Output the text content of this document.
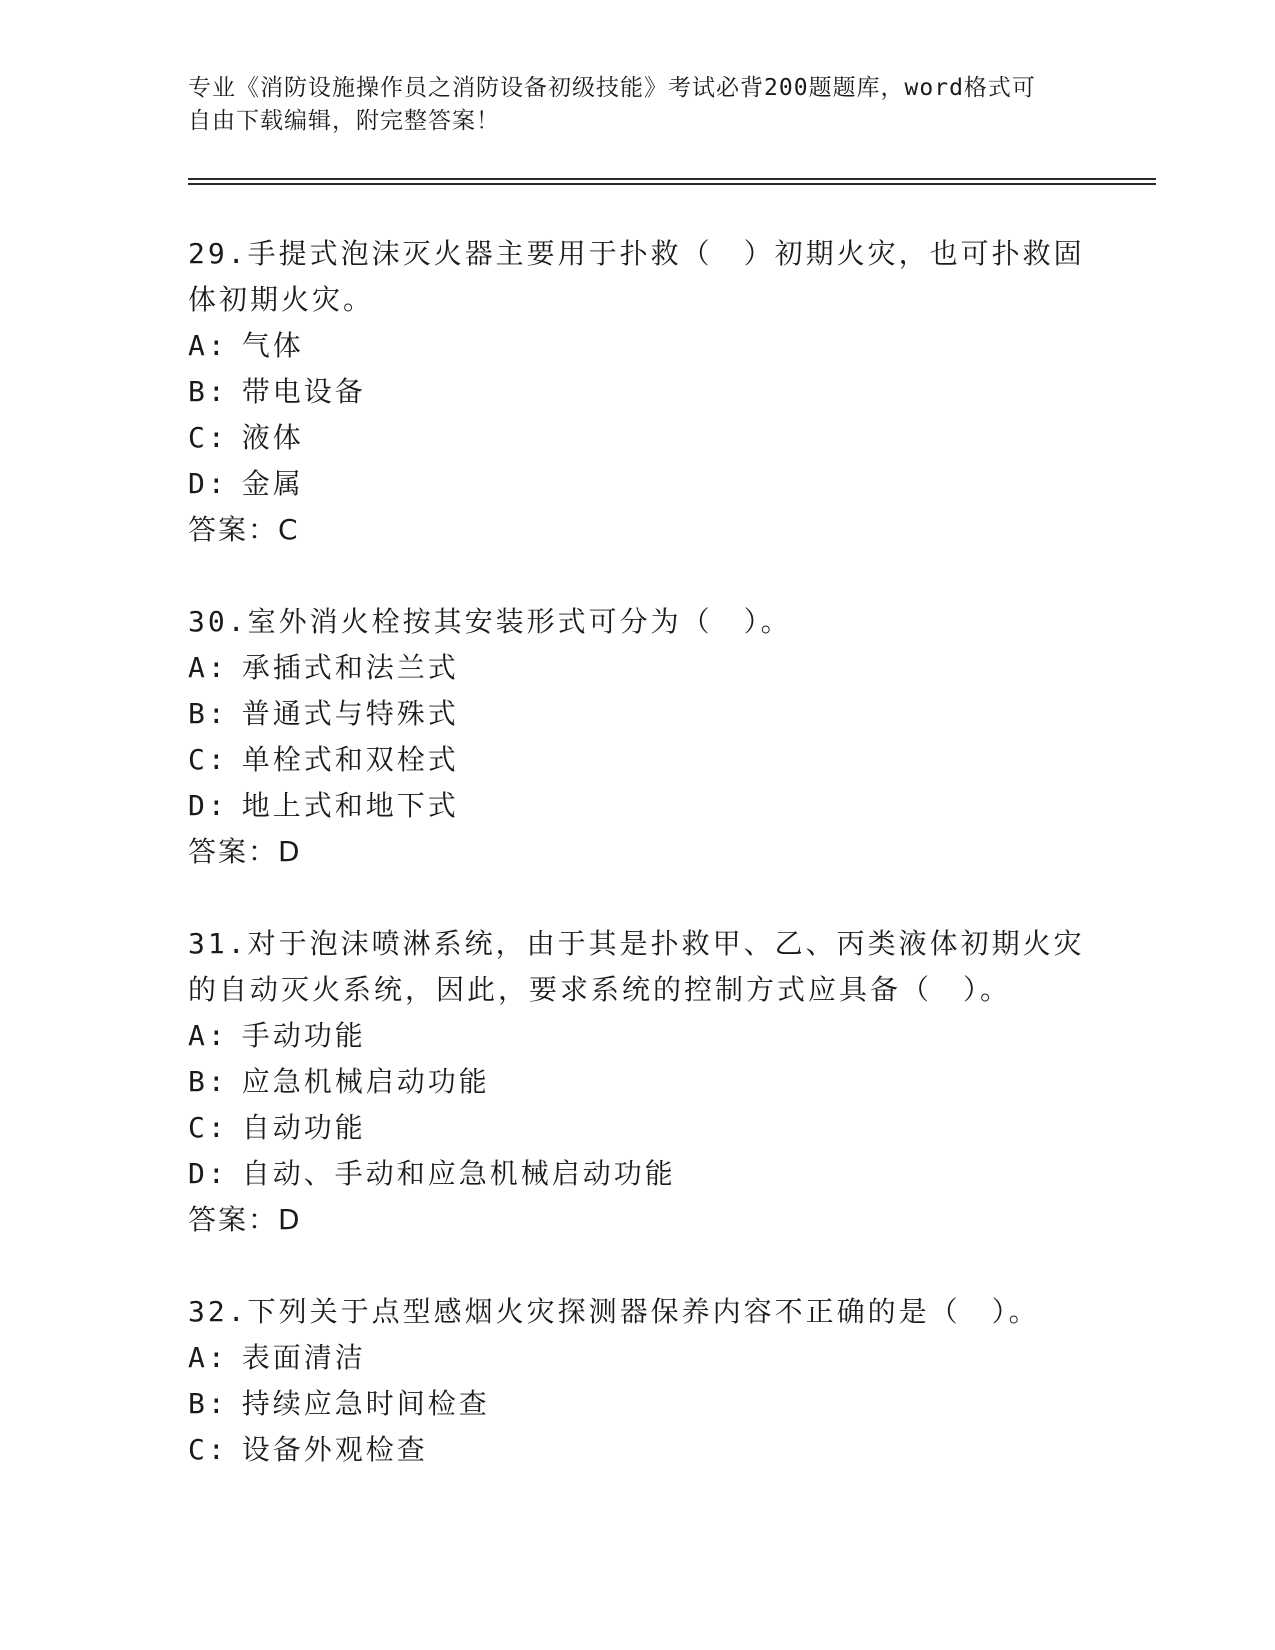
专业《消防设施操作员之消防设备初级技能》考试必背200题题库，word格式可
自由下载编辑，附完整答案！

29.手提式泡沫灭火器主要用于扑救（　）初期火灾，也可扑救固体初期火灾。

A: 气体

B: 带电设备

C: 液体

D: 金属

答案：C

30.室外消火栓按其安装形式可分为（　）。

A: 承插式和法兰式

B: 普通式与特殊式

C: 单栓式和双栓式

D: 地上式和地下式

答案：D

31.对于泡沫喷淋系统，由于其是扑救甲、乙、丙类液体初期火灾的自动灭火系统，因此，要求系统的控制方式应具备（　）。

A: 手动功能

B: 应急机械启动功能

C: 自动功能

D: 自动、手动和应急机械启动功能

答案：D

32.下列关于点型感烟火灾探测器保养内容不正确的是（　）。

A: 表面清洁

B: 持续应急时间检查

C: 设备外观检查
